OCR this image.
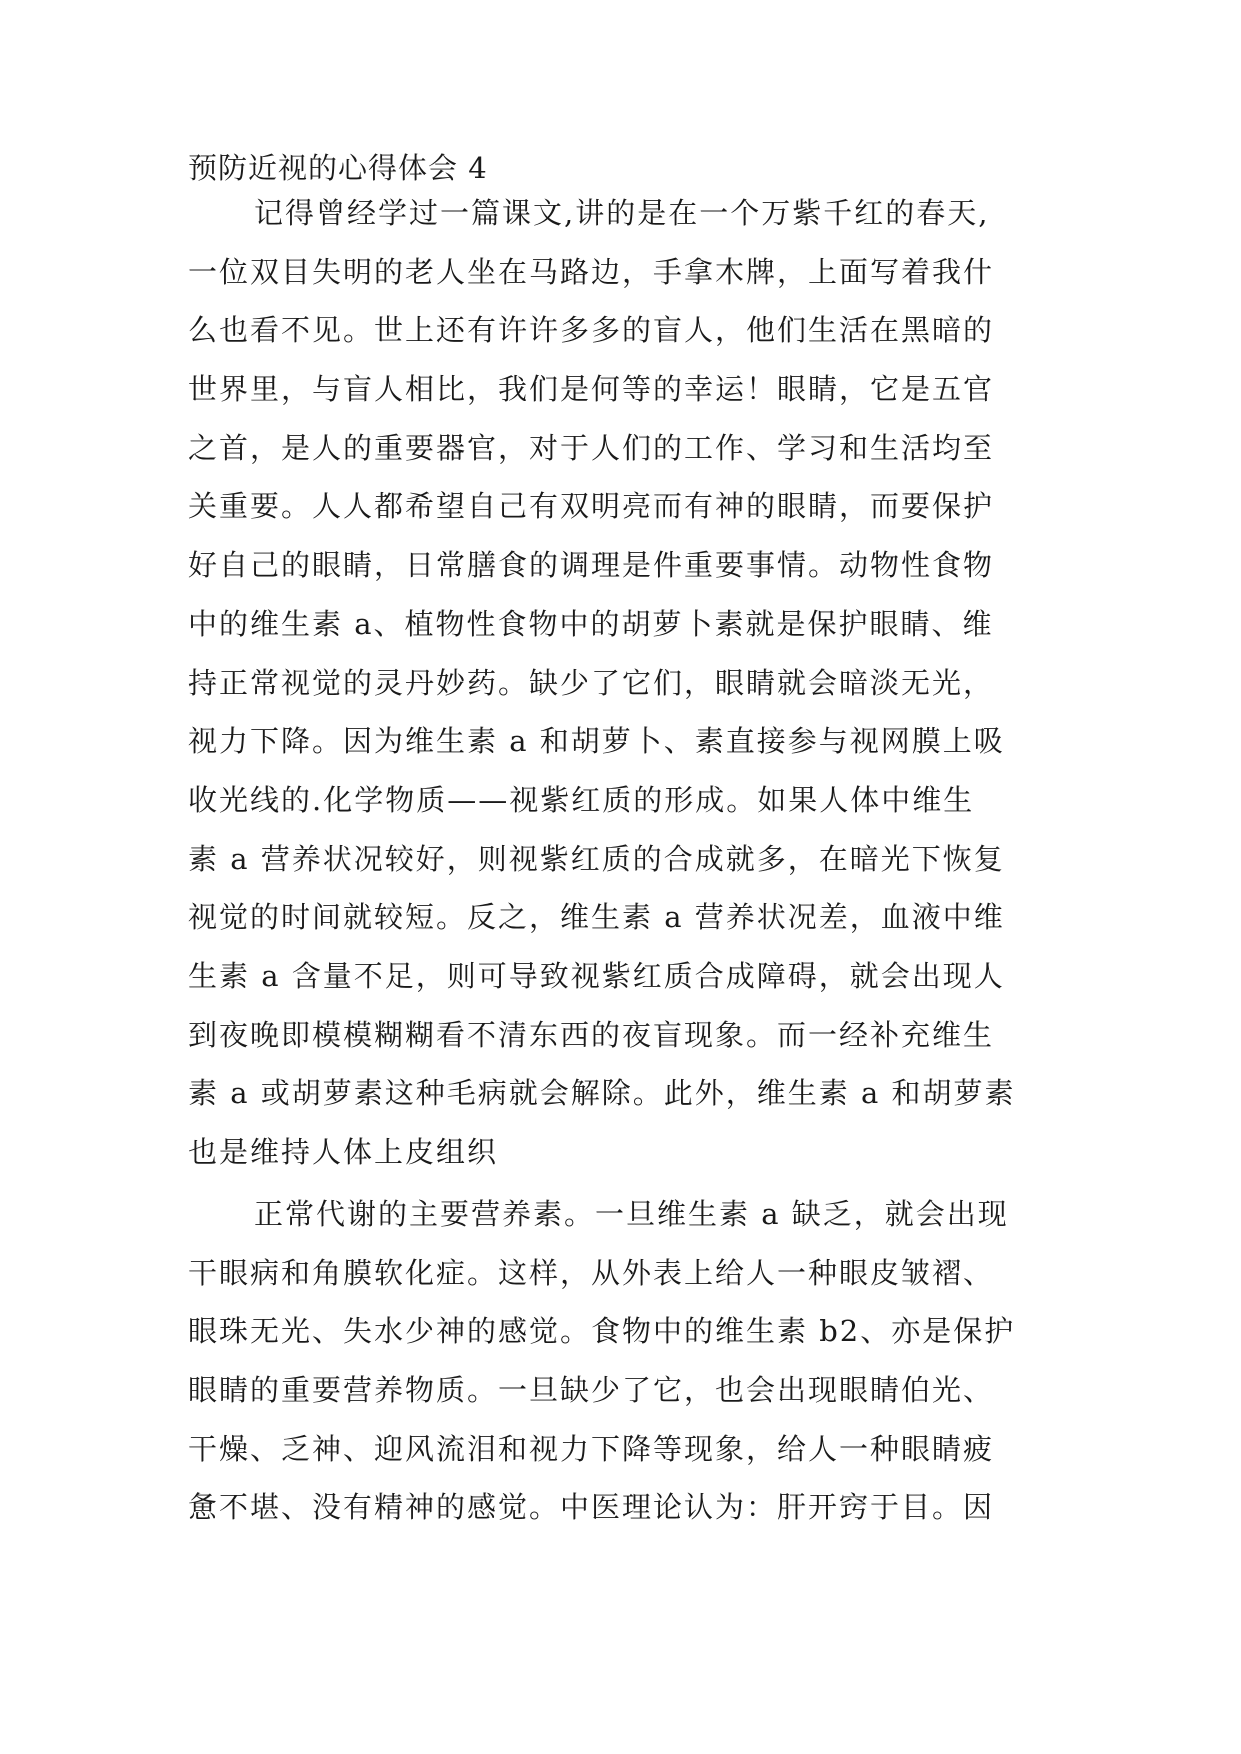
预防近视的心得体会 4
记得曾经学过一篇课文,讲的是在一个万紫千红的春天,
一位双目失明的老人坐在马路边，手拿木牌，上面写着我什
么也看不见。世上还有许许多多的盲人，他们生活在黑暗的
世界里，与盲人相比，我们是何等的幸运！眼睛，它是五官
之首，是人的重要器官，对于人们的工作、学习和生活均至
关重要。人人都希望自己有双明亮而有神的眼睛，而要保护
好自己的眼睛，日常膳食的调理是件重要事情。动物性食物
中的维生素 a、植物性食物中的胡萝卜素就是保护眼睛、维
持正常视觉的灵丹妙药。缺少了它们，眼睛就会暗淡无光，
视力下降。因为维生素 a 和胡萝卜、素直接参与视网膜上吸
收光线的.化学物质——视紫红质的形成。如果人体中维生
素 a 营养状况较好，则视紫红质的合成就多，在暗光下恢复
视觉的时间就较短。反之，维生素 a 营养状况差，血液中维
生素 a 含量不足，则可导致视紫红质合成障碍，就会出现人
到夜晚即模模糊糊看不清东西的夜盲现象。而一经补充维生
素 a 或胡萝素这种毛病就会解除。此外，维生素 a 和胡萝素
也是维持人体上皮组织
正常代谢的主要营养素。一旦维生素 a 缺乏，就会出现
干眼病和角膜软化症。这样，从外表上给人一种眼皮皱褶、
眼珠无光、失水少神的感觉。食物中的维生素 b2、亦是保护
眼睛的重要营养物质。一旦缺少了它，也会出现眼睛伯光、
干燥、乏神、迎风流泪和视力下降等现象，给人一种眼睛疲
惫不堪、没有精神的感觉。中医理论认为：肝开窍于目。因
